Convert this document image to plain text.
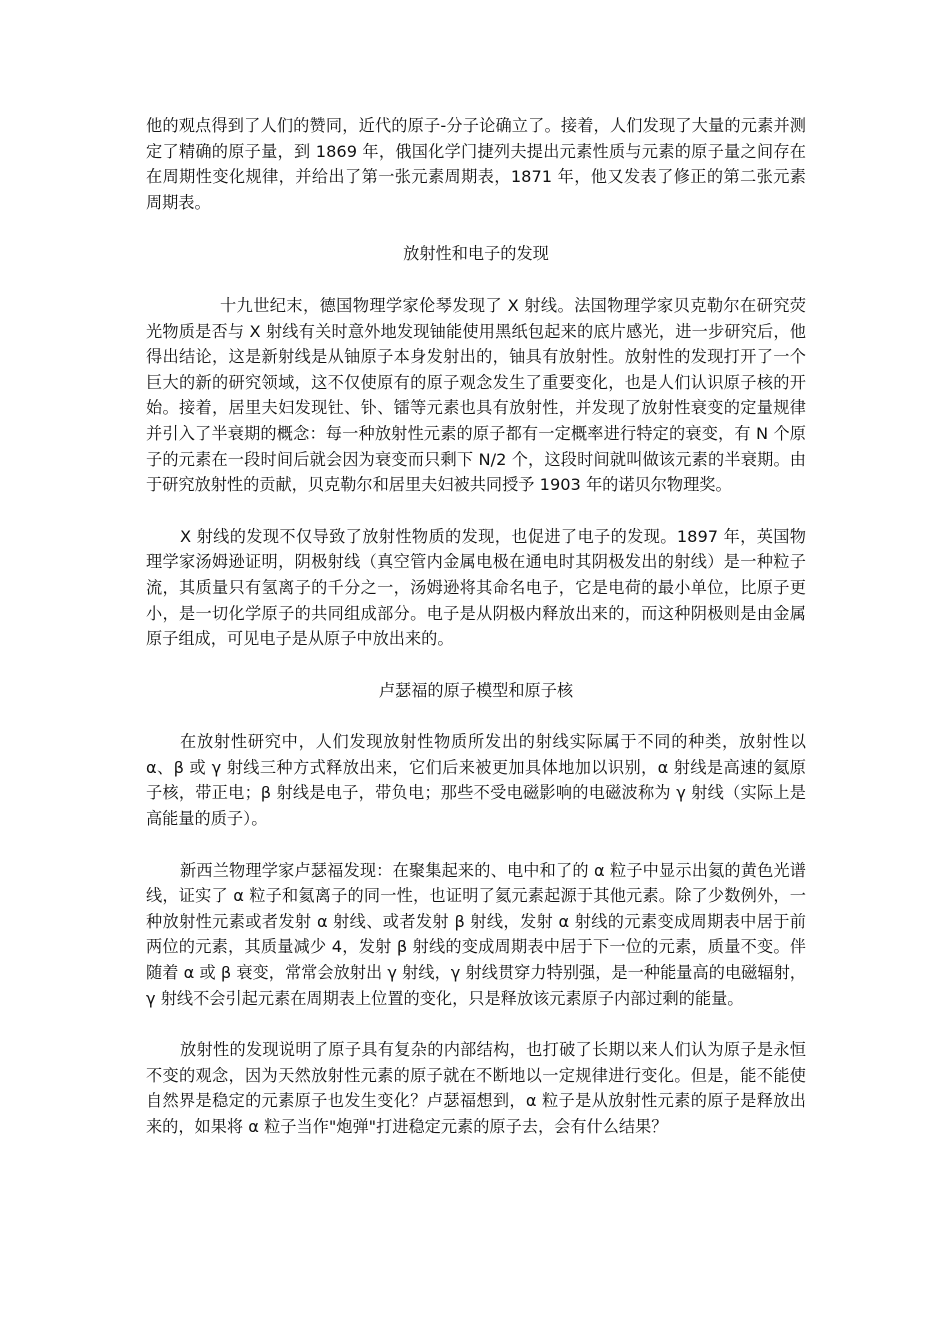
他的观点得到了人们的赞同，近代的原子-分子论确立了。接着，人们发现了大量的元素并测定了精确的原子量，到 1869 年，俄国化学门捷列夫提出元素性质与元素的原子量之间存在在周期性变化规律，并给出了第一张元素周期表，1871 年，他又发表了修正的第二张元素周期表。

放射性和电子的发现

十九世纪末，德国物理学家伦琴发现了 X 射线。法国物理学家贝克勒尔在研究荧光物质是否与 X 射线有关时意外地发现铀能使用黑纸包起来的底片感光，进一步研究后，他得出结论，这是新射线是从铀原子本身发射出的，铀具有放射性。放射性的发现打开了一个巨大的新的研究领域，这不仅使原有的原子观念发生了重要变化，也是人们认识原子核的开始。接着，居里夫妇发现钍、钋、镭等元素也具有放射性，并发现了放射性衰变的定量规律并引入了半衰期的概念：每一种放射性元素的原子都有一定概率进行特定的衰变，有 N 个原子的元素在一段时间后就会因为衰变而只剩下 N/2 个，这段时间就叫做该元素的半衰期。由于研究放射性的贡献，贝克勒尔和居里夫妇被共同授予 1903 年的诺贝尔物理奖。

X 射线的发现不仅导致了放射性物质的发现，也促进了电子的发现。1897 年，英国物理学家汤姆逊证明，阴极射线（真空管内金属电极在通电时其阴极发出的射线）是一种粒子流，其质量只有氢离子的千分之一，汤姆逊将其命名电子，它是电荷的最小单位，比原子更小，是一切化学原子的共同组成部分。电子是从阴极内释放出来的，而这种阴极则是由金属原子组成，可见电子是从原子中放出来的。

卢瑟福的原子模型和原子核

在放射性研究中，人们发现放射性物质所发出的射线实际属于不同的种类，放射性以 α、β 或 γ 射线三种方式释放出来，它们后来被更加具体地加以识别，α 射线是高速的氦原子核，带正电；β 射线是电子，带负电；那些不受电磁影响的电磁波称为 γ 射线（实际上是高能量的质子）。

新西兰物理学家卢瑟福发现：在聚集起来的、电中和了的 α 粒子中显示出氦的黄色光谱线，证实了 α 粒子和氦离子的同一性，也证明了氦元素起源于其他元素。除了少数例外，一种放射性元素或者发射 α 射线、或者发射 β 射线，发射 α 射线的元素变成周期表中居于前两位的元素，其质量减少 4，发射 β 射线的变成周期表中居于下一位的元素，质量不变。伴随着 α 或 β 衰变，常常会放射出 γ 射线，γ 射线贯穿力特别强，是一种能量高的电磁辐射，γ 射线不会引起元素在周期表上位置的变化，只是释放该元素原子内部过剩的能量。

放射性的发现说明了原子具有复杂的内部结构，也打破了长期以来人们认为原子是永恒不变的观念，因为天然放射性元素的原子就在不断地以一定规律进行变化。但是，能不能使自然界是稳定的元素原子也发生变化？卢瑟福想到，α 粒子是从放射性元素的原子是释放出来的，如果将 α 粒子当作"炮弹"打进稳定元素的原子去，会有什么结果？
